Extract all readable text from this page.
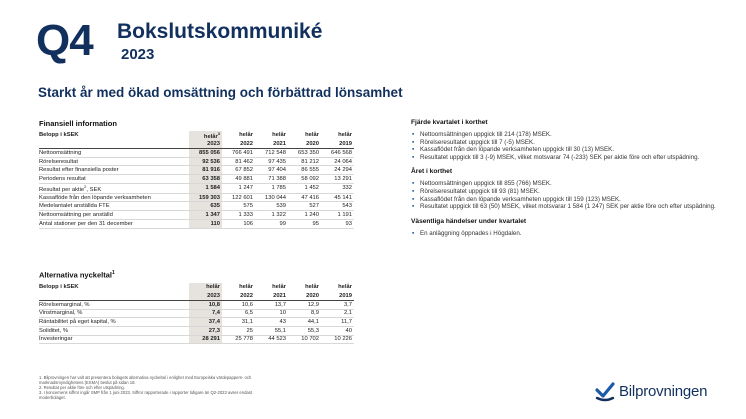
Q4 Bokslutskommuniké
2023
Starkt år med ökad omsättning och förbättrad lönsamhet
Finansiell information
Belopp i kSEK	helår$^3$	helår	helår	helår	helår
	2023	2022	2021	2020	2019
Nettoomsättning	855 056	766 491	712 548	653 350	646 568
Rörelseresultat	92 536	81 462	97 435	81 212	24 064
Resultat efter finansiella poster	81 916	67 852	97 404	86 555	24 294
Periodens resultat	63 358	49 881	71 388	58 092	13 291
Resultat per aktie$^2$, SEK	1 584	1 247	1 785	1 452	332
Kassaflöde från den löpande verksamheten	159 303	122 601	130 044	47 416	45 141
Medelantalet anställda FTE	635	575	539	527	543
Nettoomsättning per anställd	1 347	1 333	1 322	1 240	1 191
Antal stationer per den 31 december	110	106	99	95	93
Alternativa nyckeltal$^1$
Belopp i kSEK	helår	helår	helår	helår	helår
	2023	2022	2021	2020	2019
Rörelsemarginal, %	10,8	10,6	13,7	12,9	3,7
Vinstmarginal, %	7,4	6,5	10	8,9	2,1
Räntabilitet på eget kapital, %	37,4	31,1	43	44,1	11,7
Soliditet, %	27,3	25	55,1	55,3	40
Investeringar	28 291	25 778	44 523	10 702	10 226
Fjärde kvartalet i korthet
▪ Nettoomsättningen uppgick till 214 (178) MSEK.
▪ Rörelseresultatet uppgick till 7 (-5) MSEK.
▪ Kassaflödet från den löpande verksamheten uppgick till 30 (13) MSEK.
▪ Resultatet uppgick till 3 (-9) MSEK, vilket motsvarar 74 (-233) SEK per aktie före och efter utspädning.
Året i korthet
▪ Nettoomsättningen uppgick till 855 (766) MSEK.
▪ Rörelseresultatet uppgick till 93 (81) MSEK.
▪ Kassaflödet från den löpande verksamheten uppgick till 159 (123) MSEK.
▪ Resultatet uppgick till 63 (50) MSEK, vilket motsvarar 1 584 (1 247) SEK per aktie före och efter utspädning.
Väsentliga händelser under kvartalet
▪ En anläggning öppnades i Högdalen.
1. Bilprovningen har valt att presentera bolagets alternativa nyckeltal i enlighet med Europeiska värdepappers- och
marknadsmyndighetens (ESMA) beslut på sidan 18.
2. Resultat per aktie före och efter utspädning.
3. I koncernens siffror ingår SMP från 1 juni 2023. Siffror rapporterade i rapporter tidigare än Q2-2023 avser endast
moderbolaget.	Bilprovningen
